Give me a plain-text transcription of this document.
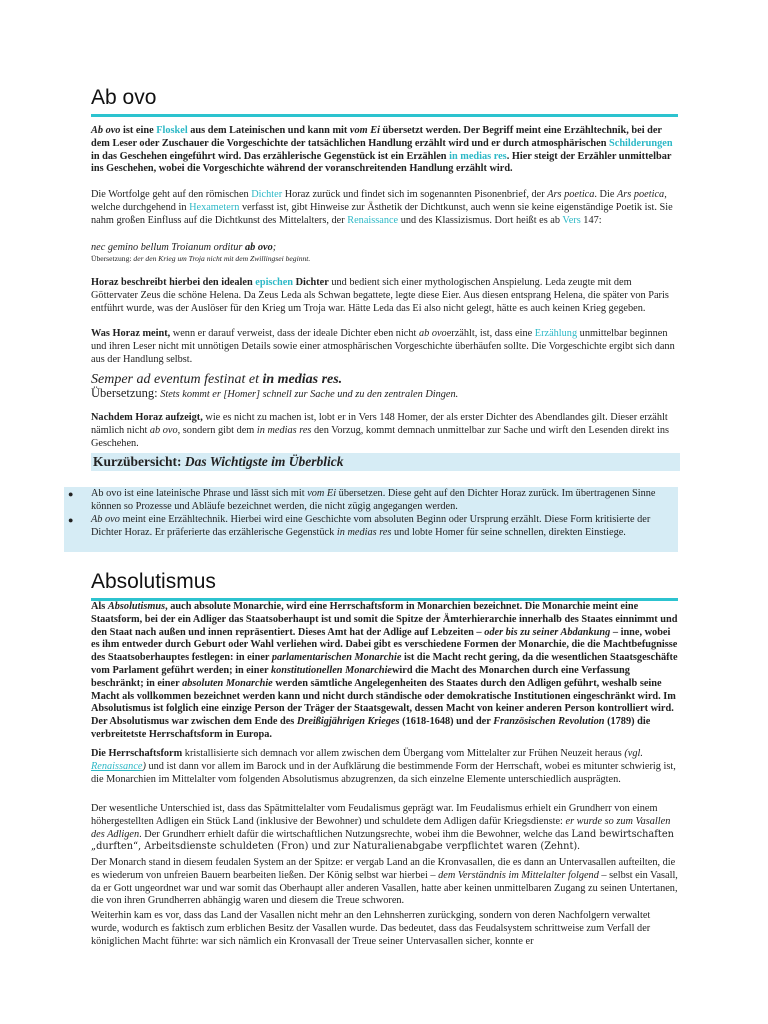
Ab ovo

Ab ovo ist eine Floskel aus dem Lateinischen und kann mit vom Ei übersetzt werden. Der Begriff meint eine Erzähltechnik, bei der dem Leser oder Zuschauer die Vorgeschichte der tatsächlichen Handlung erzählt wird und er durch atmosphärischen Schilderungen in das Geschehen eingeführt wird. Das erzählerische Gegenstück ist ein Erzählen in medias res. Hier steigt der Erzähler unmittelbar ins Geschehen, wobei die Vorgeschichte während der voranschreitenden Handlung erzählt wird.

Die Wortfolge geht auf den römischen Dichter Horaz zurück und findet sich im sogenannten Pisonenbrief, der Ars poetica. Die Ars poetica, welche durchgehend in Hexametern verfasst ist, gibt Hinweise zur Ästhetik der Dichtkunst, auch wenn sie keine eigenständige Poetik ist. Sie nahm großen Einfluss auf die Dichtkunst des Mittelalters, der Renaissance und des Klassizismus. Dort heißt es ab Vers 147:

nec gemino bellum Troianum orditur ab ovo;

Übersetzung: der den Krieg um Troja nicht mit dem Zwillingsei beginnt.

Horaz beschreibt hierbei den idealen epischen Dichter und bedient sich einer mythologischen Anspielung. Leda zeugte mit dem Göttervater Zeus die schöne Helena. Da Zeus Leda als Schwan begattete, legte diese Eier. Aus diesen entsprang Helena, die später von Paris entführt wurde, was der Auslöser für den Krieg um Troja war. Hätte Leda das Ei also nicht gelegt, hätte es auch keinen Krieg gegeben.

Was Horaz meint, wenn er darauf verweist, dass der ideale Dichter eben nicht ab ovoerzählt, ist, dass eine Erzählung unmittelbar beginnen und ihren Leser nicht mit unnötigen Details sowie einer atmosphärischen Vorgeschichte überhäufen sollte. Die Vorgeschichte ergibt sich dann aus der Handlung selbst.

Semper ad eventum festinat et in medias res.

Übersetzung: Stets kommt er [Homer] schnell zur Sache und zu den zentralen Dingen.

Nachdem Horaz aufzeigt, wie es nicht zu machen ist, lobt er in Vers 148 Homer, der als erster Dichter des Abendlandes gilt. Dieser erzählt nämlich nicht ab ovo, sondern gibt dem in medias res den Vorzug, kommt demnach unmittelbar zur Sache und wirft den Lesenden direkt ins Geschehen.

Kurzübersicht: Das Wichtigste im Überblick
● Ab ovo ist eine lateinische Phrase und lässt sich mit vom Ei übersetzen. Diese geht auf den Dichter Horaz zurück. Im übertragenen Sinne können so Prozesse und Abläufe bezeichnet werden, die nicht zügig angegangen werden.
● Ab ovo meint eine Erzähltechnik. Hierbei wird eine Geschichte vom absoluten Beginn oder Ursprung erzählt. Diese Form kritisierte der Dichter Horaz. Er präferierte das erzählerische Gegenstück in medias res und lobte Homer für seine schnellen, direkten Einstiege.
Absolutismus

Als Absolutismus, auch absolute Monarchie, wird eine Herrschaftsform in Monarchien bezeichnet. Die Monarchie meint eine Staatsform, bei der ein Adliger das Staatsoberhaupt ist und somit die Spitze der Ämterhierarchie innerhalb des Staates einnimmt und den Staat nach außen und innen repräsentiert. Dieses Amt hat der Adlige auf Lebzeiten – oder bis zu seiner Abdankung – inne, wobei es ihm entweder durch Geburt oder Wahl verliehen wird. Dabei gibt es verschiedene Formen der Monarchie, die die Machtbefugnisse des Staatsoberhauptes festlegen: in einer parlamentarischen Monarchie ist die Macht recht gering, da die wesentlichen Staatsgeschäfte vom Parlament geführt werden; in einer konstitutionellen Monarchiewird die Macht des Monarchen durch eine Verfassung beschränkt; in einer absoluten Monarchie werden sämtliche Angelegenheiten des Staates durch den Adligen geführt, weshalb seine Macht als vollkommen bezeichnet werden kann und nicht durch ständische oder demokratische Institutionen eingeschränkt wird. Im Absolutismus ist folglich eine einzige Person der Träger der Staatsgewalt, dessen Macht von keiner anderen Person kontrolliert wird. Der Absolutismus war zwischen dem Ende des Dreißigjährigen Krieges (1618-1648) und der Französischen Revolution (1789) die verbreitetste Herrschaftsform in Europa.

Die Herrschaftsform kristallisierte sich demnach vor allem zwischen dem Übergang vom Mittelalter zur Frühen Neuzeit heraus (vgl. Renaissance) und ist dann vor allem im Barock und in der Aufklärung die bestimmende Form der Herrschaft, wobei es mitunter schwierig ist, die Monarchien im Mittelalter vom folgenden Absolutismus abzugrenzen, da sich einzelne Elemente unterschiedlich ausprägten.

Der wesentliche Unterschied ist, dass das Spätmittelalter vom Feudalismus geprägt war. Im Feudalismus erhielt ein Grundherr von einem höhergestellten Adligen ein Stück Land (inklusive der Bewohner) und schuldete dem Adligen dafür Kriegsdienste: er wurde so zum Vasallen des Adligen. Der Grundherr erhielt dafür die wirtschaftlichen Nutzungsrechte, wobei ihm die Bewohner, welche das Land bewirtschaften „durften“, Arbeitsdienste schuldeten (Fron) und zur Naturalienabgabe verpflichtet waren (Zehnt).

Der Monarch stand in diesem feudalen System an der Spitze: er vergab Land an die Kronvasallen, die es dann an Untervasallen aufteilten, die es wiederum von unfreien Bauern bearbeiten ließen. Der König selbst war hierbei – dem Verständnis im Mittelalter folgend – selbst ein Vasall, da er Gott ungeordnet war und war somit das Oberhaupt aller anderen Vasallen, hatte aber keinen unmittelbaren Zugang zu seinen Untertanen, die von ihren Grundherren abhängig waren und diesem die Treue schworen.

Weiterhin kam es vor, dass das Land der Vasallen nicht mehr an den Lehnsherren zurückging, sondern von deren Nachfolgern verwaltet wurde, wodurch es faktisch zum erblichen Besitz der Vasallen wurde. Das bedeutet, dass das Feudalsystem schrittweise zum Verfall der königlichen Macht führte: war sich nämlich ein Kronvasall der Treue seiner Untervasallen sicher, konnte er
